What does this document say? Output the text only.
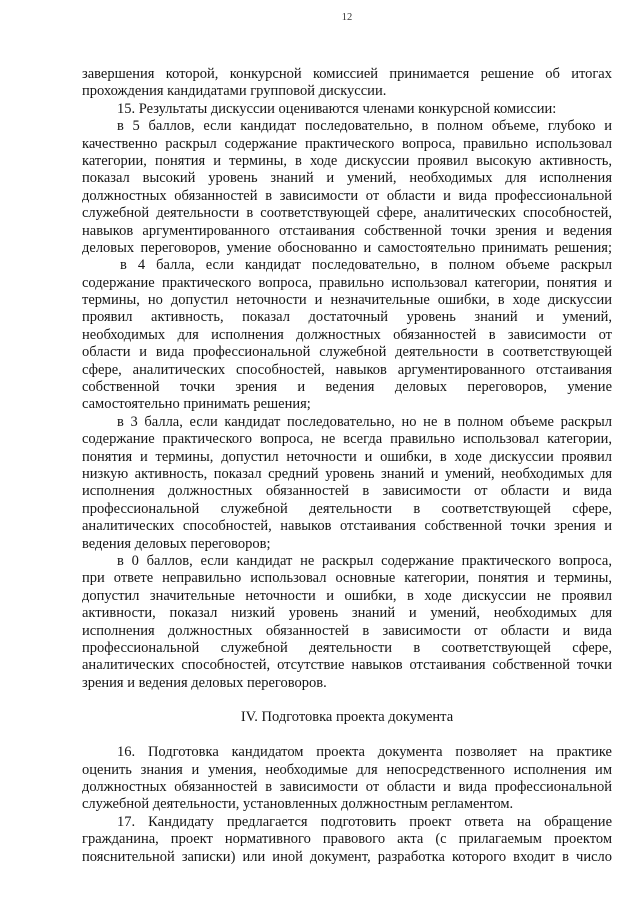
12
завершения которой, конкурсной комиссией принимается решение об итогах
прохождения кандидатами групповой дискуссии.
15. Результаты дискуссии оцениваются членами конкурсной комиссии:
в 5 баллов, если кандидат последовательно, в полном объеме, глубоко и
качественно раскрыл содержание практического вопроса, правильно использовал
категории, понятия и термины, в ходе дискуссии проявил высокую активность,
показал высокий уровень знаний и умений, необходимых для исполнения
должностных обязанностей в зависимости от области и вида профессиональной
служебной деятельности в соответствующей сфере, аналитических способностей,
навыков аргументированного отстаивания собственной точки зрения и ведения
деловых переговоров, умение обоснованно и самостоятельно принимать решения;
в 4 балла, если кандидат последовательно, в полном объеме раскрыл
содержание практического вопроса, правильно использовал категории, понятия и
термины, но допустил неточности и незначительные ошибки, в ходе дискуссии
проявил активность, показал достаточный уровень знаний и умений,
необходимых для исполнения должностных обязанностей в зависимости от
области и вида профессиональной служебной деятельности в соответствующей
сфере, аналитических способностей, навыков аргументированного отстаивания
собственной точки зрения и ведения деловых переговоров, умение
самостоятельно принимать решения;
в 3 балла, если кандидат последовательно, но не в полном объеме раскрыл
содержание практического вопроса, не всегда правильно использовал категории,
понятия и термины, допустил неточности и ошибки, в ходе дискуссии проявил
низкую активность, показал средний уровень знаний и умений, необходимых для
исполнения должностных обязанностей в зависимости от области и вида
профессиональной служебной деятельности в соответствующей сфере,
аналитических способностей, навыков отстаивания собственной точки зрения и
ведения деловых переговоров;
в 0 баллов, если кандидат не раскрыл содержание практического вопроса,
при ответе неправильно использовал основные категории, понятия и термины,
допустил значительные неточности и ошибки, в ходе дискуссии не проявил
активности, показал низкий уровень знаний и умений, необходимых для
исполнения должностных обязанностей в зависимости от области и вида
профессиональной служебной деятельности в соответствующей сфере,
аналитических способностей, отсутствие навыков отстаивания собственной точки
зрения и ведения деловых переговоров.
IV. Подготовка проекта документа
16. Подготовка кандидатом проекта документа позволяет на практике
оценить знания и умения, необходимые для непосредственного исполнения им
должностных обязанностей в зависимости от области и вида профессиональной
служебной деятельности, установленных должностным регламентом.
17. Кандидату предлагается подготовить проект ответа на обращение
гражданина, проект нормативного правового акта (с прилагаемым проектом
пояснительной записки) или иной документ, разработка которого входит в число
